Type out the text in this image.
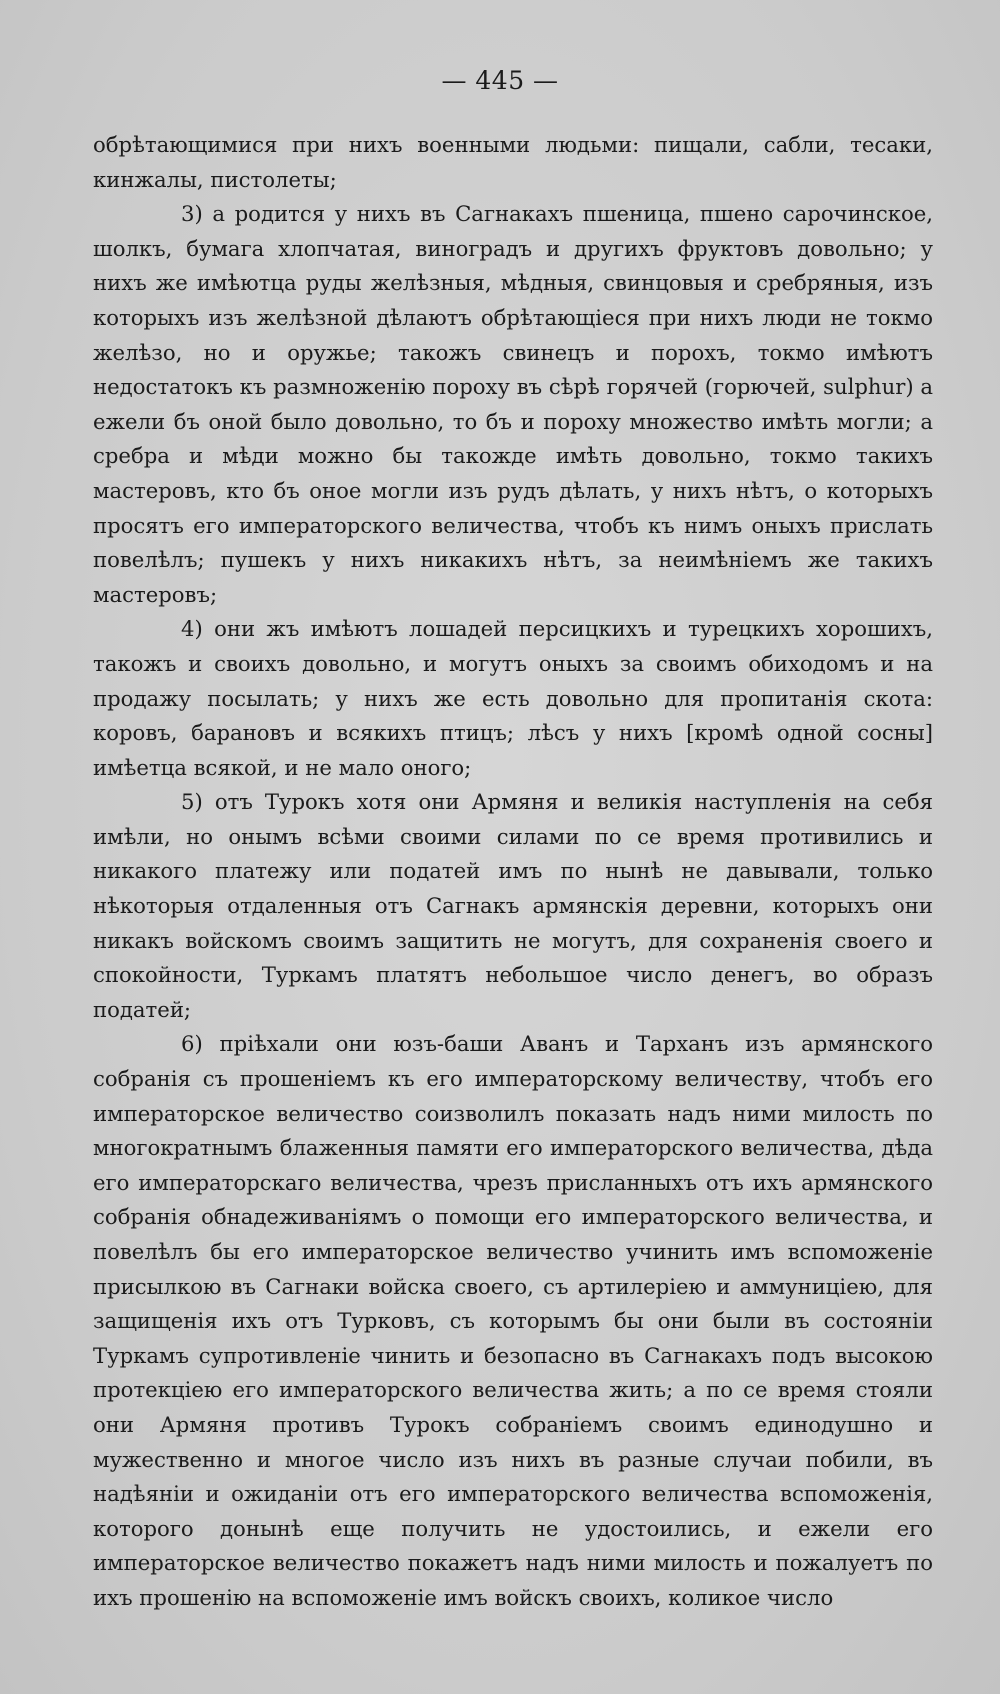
— 445 —

обрѣтающимися при нихъ военными людьми: пищали, сабли, тесаки, кинжалы, пистолеты;

3) а родится у нихъ въ Сагнакахъ пшеница, пшено сарочинское, шолкъ, бумага хлопчатая, виноградъ и другихъ фруктовъ довольно; у нихъ же имѣютца руды желѣзныя, мѣдныя, свинцовыя и сребряныя, изъ которыхъ изъ желѣзной дѣлаютъ обрѣтающіеся при нихъ люди не токмо желѣзо, но и оружье; такожъ свинецъ и порохъ, токмо имѣютъ недостатокъ къ размноженію пороху въ сѣрѣ горячей (горючей, sulphur) а ежели бъ оной было довольно, то бъ и пороху множество имѣть могли; а сребра и мѣди можно бы такожде имѣть довольно, токмо такихъ мастеровъ, кто бъ оное могли изъ рудъ дѣлать, у нихъ нѣтъ, о которыхъ просятъ его императорского величества, чтобъ къ нимъ оныхъ прислать повелѣлъ; пушекъ у нихъ никакихъ нѣтъ, за неимѣніемъ же такихъ мастеровъ;

4) они жъ имѣютъ лошадей персицкихъ и турецкихъ хорошихъ, такожъ и своихъ довольно, и могутъ оныхъ за своимъ обиходомъ и на продажу посылать; у нихъ же есть довольно для пропитанія скота: коровъ, барановъ и всякихъ птицъ; лѣсъ у нихъ [кромѣ одной сосны] имѣетца всякой, и не мало оного;

5) отъ Турокъ хотя они Армяня и великія наступленія на себя имѣли, но онымъ всѣми своими силами по се время противились и никакого платежу или податей имъ по нынѣ не давывали, только нѣкоторыя отдаленныя отъ Сагнакъ армянскія деревни, которыхъ они никакъ войскомъ своимъ защитить не могутъ, для сохраненія своего и спокойности, Туркамъ платятъ небольшое число денегъ, во образъ податей;

6) пріѣхали они юзъ-баши Аванъ и Тарханъ изъ армянского собранія съ прошеніемъ къ его императорскому величеству, чтобъ его императорское величество соизволилъ показать надъ ними милость по многократнымъ блаженныя памяти его императорского величества, дѣда его императорскаго величества, чрезъ присланныхъ отъ ихъ армянского собранія обнадеживаніямъ о помощи его императорского величества, и повелѣлъ бы его императорское величество учинить имъ вспоможеніе присылкою въ Сагнаки войска своего, съ артилеріею и аммуниціею, для защищенія ихъ отъ Турковъ, съ которымъ бы они были въ состояніи Туркамъ супротивленіе чинить и безопасно въ Сагнакахъ подъ высокою протекціею его императорского величества жить; а по се время стояли они Армяня противъ Турокъ собраніемъ своимъ единодушно и мужественно и многое число изъ нихъ въ разные случаи побили, въ надѣяніи и ожиданіи отъ его императорского величества вспоможенія, которого донынѣ еще получить не удостоились, и ежели его императорское величество покажетъ надъ ними милость и пожалуетъ по ихъ прошенію на вспоможеніе имъ войскъ своихъ, коликое число
